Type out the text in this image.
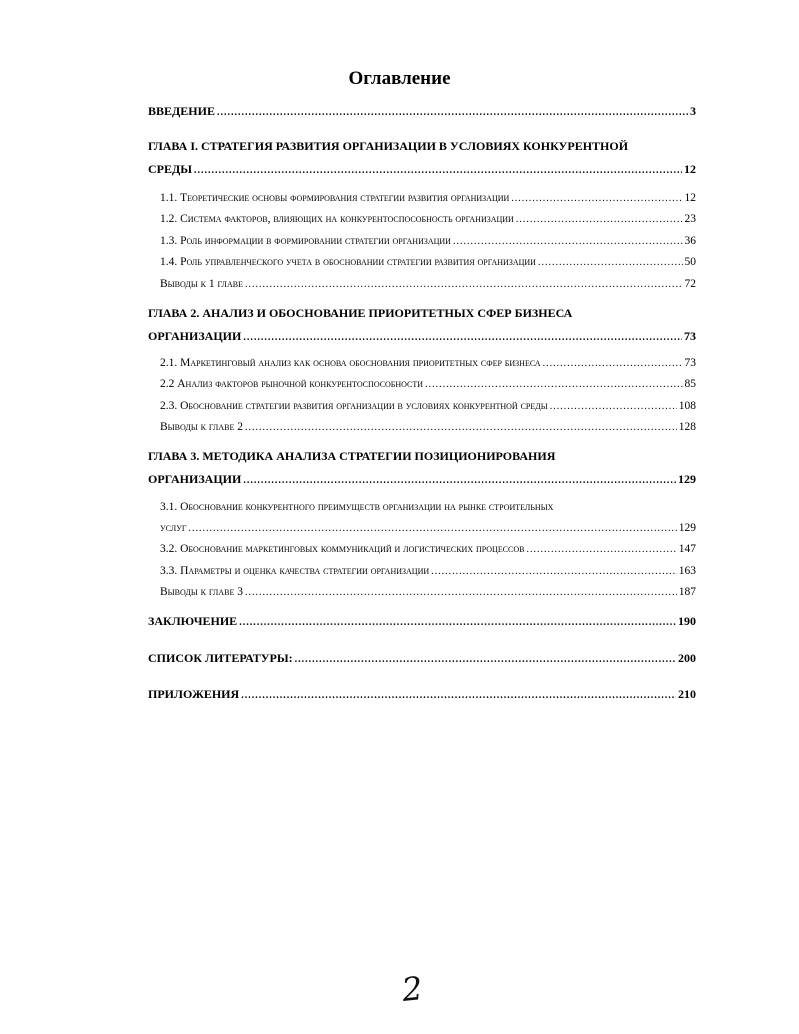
Оглавление
ВВЕДЕНИЕ .....	3
ГЛАВА I. СТРАТЕГИЯ РАЗВИТИЯ ОРГАНИЗАЦИИ В УСЛОВИЯХ КОНКУРЕНТНОЙ
СРЕДЫ .....	12
1.1. Теоретические основы формирования стратегии развития организации .....	12
1.2. Система факторов, влияющих на конкурентоспособность организации .....	23
1.3. Роль информации в формировании стратегии организации .....	36
1.4. Роль управленческого учета в обосновании стратегии развития организации .....	50
Выводы к 1 главе .....	72
ГЛАВА 2. АНАЛИЗ И ОБОСНОВАНИЕ ПРИОРИТЕТНЫХ СФЕР БИЗНЕСА
ОРГАНИЗАЦИИ .....	73
2.1. Маркетинговый анализ как основа обоснования приоритетных сфер бизнеса .....	73
2.2 Анализ факторов рыночной конкурентоспособности .....	85
2.3. Обоснование стратегии развития организации в условиях конкурентной среды .....	108
Выводы к главе 2 .....	128
ГЛАВА 3. МЕТОДИКА АНАЛИЗА СТРАТЕГИИ ПОЗИЦИОНИРОВАНИЯ
ОРГАНИЗАЦИИ .....	129
3.1. Обоснование конкурентного преимуществ организации на рынке строительных
услуг .....	129
3.2. Обоснование маркетинговых коммуникаций и логистических процессов .....	147
3.3. Параметры и оценка качества стратегии организации .....	163
Выводы к главе 3 .....	187
ЗАКЛЮЧЕНИЕ .....	190
СПИСОК ЛИТЕРАТУРЫ: .....	200
ПРИЛОЖЕНИЯ .....	210
2
